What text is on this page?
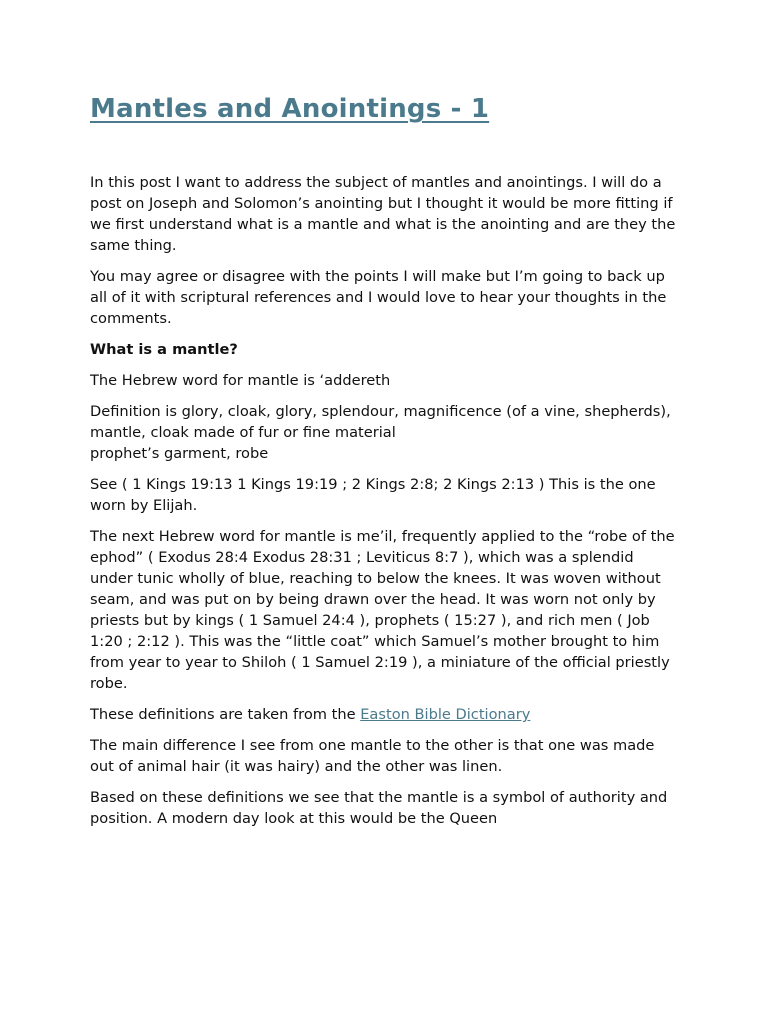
Mantles and Anointings - 1

In this post I want to address the subject of mantles and anointings. I will do a post on Joseph and Solomon’s anointing but I thought it would be more fitting if we first understand what is a mantle and what is the anointing and are they the same thing.

You may agree or disagree with the points I will make but I’m going to back up all of it with scriptural references and I would love to hear your thoughts in the comments.

What is a mantle?

The Hebrew word for mantle is ‘addereth

Definition is glory, cloak, glory, splendour, magnificence (of a vine, shepherds), mantle, cloak made of fur or fine material
prophet’s garment, robe

See ( 1 Kings 19:13 1 Kings 19:19 ; 2 Kings 2:8; 2 Kings 2:13 ) This is the one worn by Elijah.

The next Hebrew word for mantle is me’il, frequently applied to the “robe of the ephod” ( Exodus 28:4 Exodus 28:31 ; Leviticus 8:7 ), which was a splendid under tunic wholly of blue, reaching to below the knees. It was woven without seam, and was put on by being drawn over the head. It was worn not only by priests but by kings ( 1 Samuel 24:4 ), prophets ( 15:27 ), and rich men ( Job 1:20 ; 2:12 ). This was the “little coat” which Samuel’s mother brought to him from year to year to Shiloh ( 1 Samuel 2:19 ), a miniature of the official priestly robe.

These definitions are taken from the Easton Bible Dictionary

The main difference I see from one mantle to the other is that one was made out of animal hair (it was hairy) and the other was linen.

Based on these definitions we see that the mantle is a symbol of authority and position. A modern day look at this would be the Queen
